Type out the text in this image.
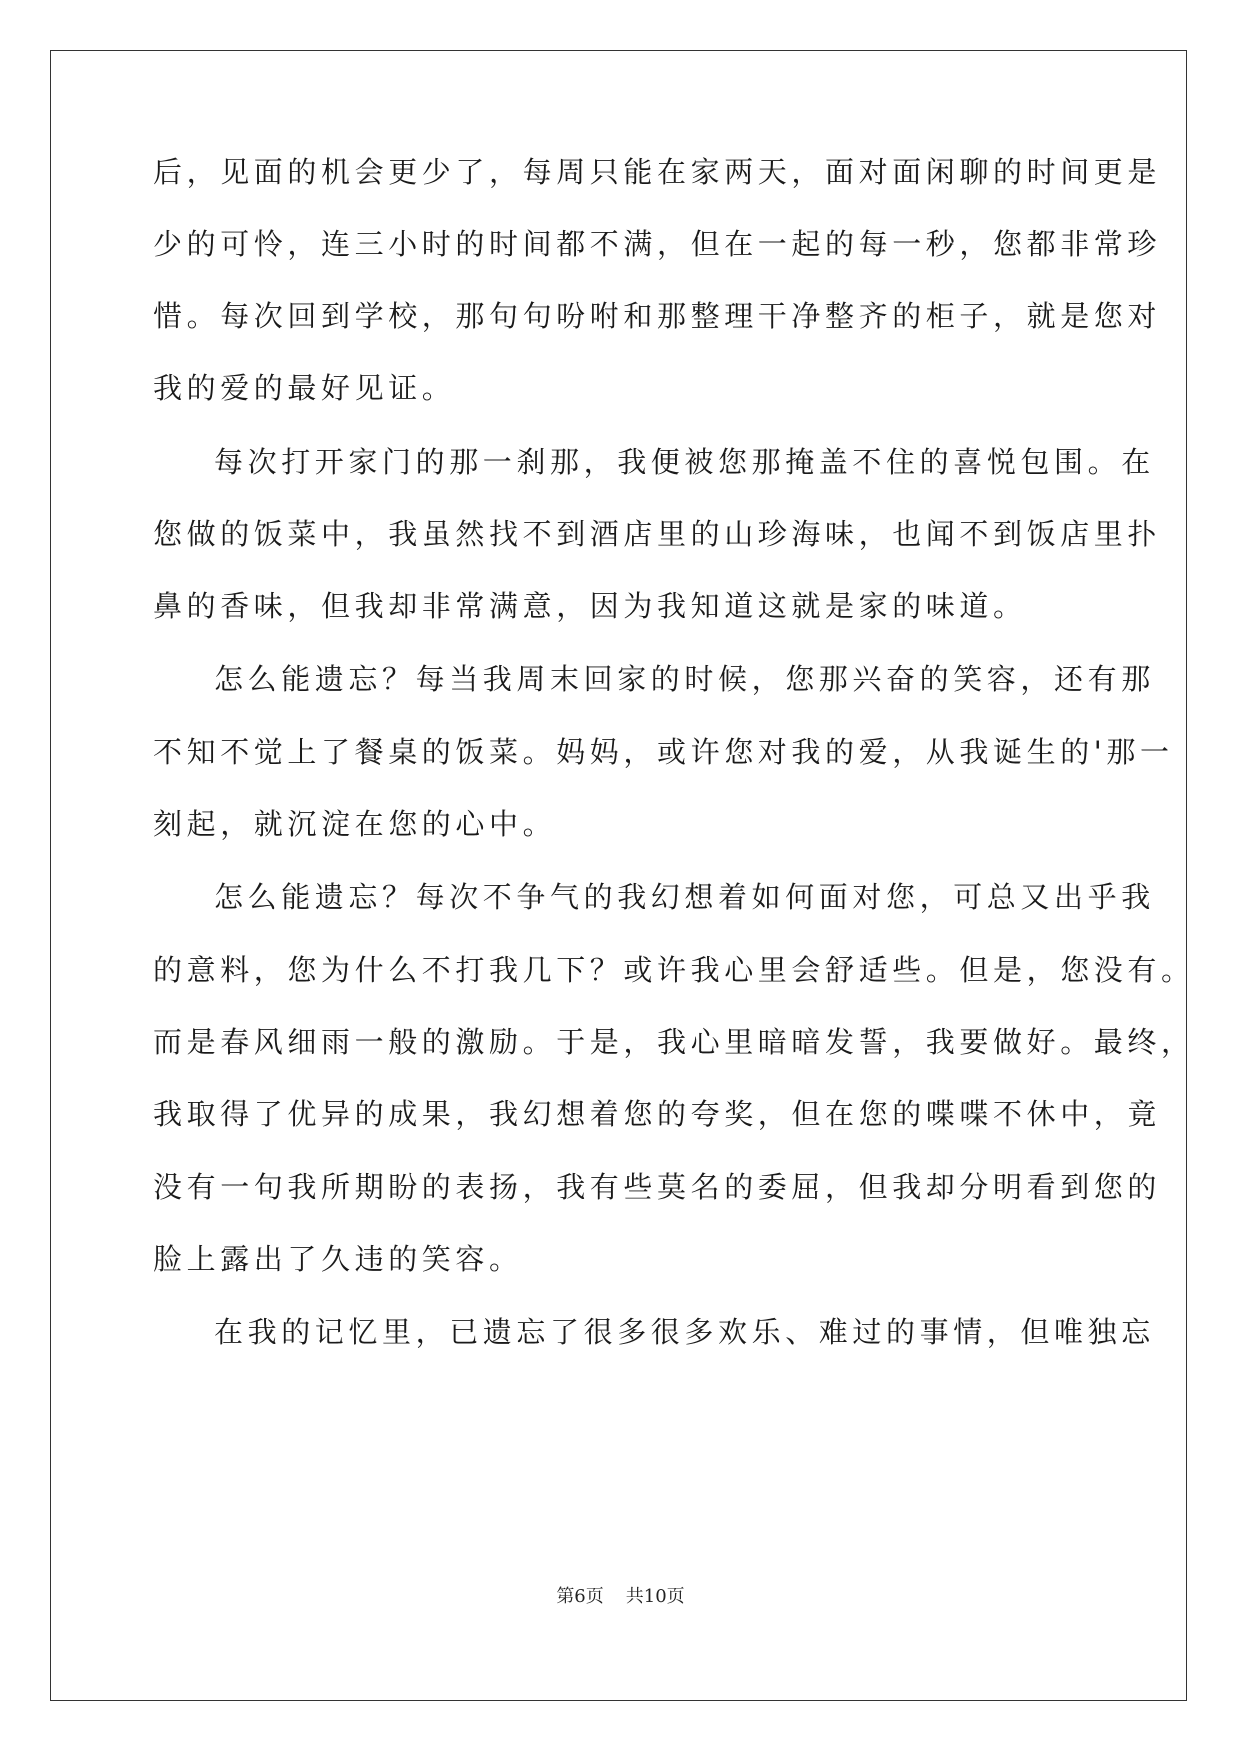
后，见面的机会更少了，每周只能在家两天，面对面闲聊的时间更是
少的可怜，连三小时的时间都不满，但在一起的每一秒，您都非常珍
惜。每次回到学校，那句句吩咐和那整理干净整齐的柜子，就是您对
我的爱的最好见证。
每次打开家门的那一刹那，我便被您那掩盖不住的喜悦包围。在
您做的饭菜中，我虽然找不到酒店里的山珍海味，也闻不到饭店里扑
鼻的香味，但我却非常满意，因为我知道这就是家的味道。
怎么能遗忘？每当我周末回家的时候，您那兴奋的笑容，还有那
不知不觉上了餐桌的饭菜。妈妈，或许您对我的爱，从我诞生的'那一
刻起，就沉淀在您的心中。
怎么能遗忘？每次不争气的我幻想着如何面对您，可总又出乎我
的意料，您为什么不打我几下？或许我心里会舒适些。但是，您没有。
而是春风细雨一般的激励。于是，我心里暗暗发誓，我要做好。最终，
我取得了优异的成果，我幻想着您的夸奖，但在您的喋喋不休中，竟
没有一句我所期盼的表扬，我有些莫名的委屈，但我却分明看到您的
脸上露出了久违的笑容。
在我的记忆里，已遗忘了很多很多欢乐、难过的事情，但唯独忘
第6页 共10页
